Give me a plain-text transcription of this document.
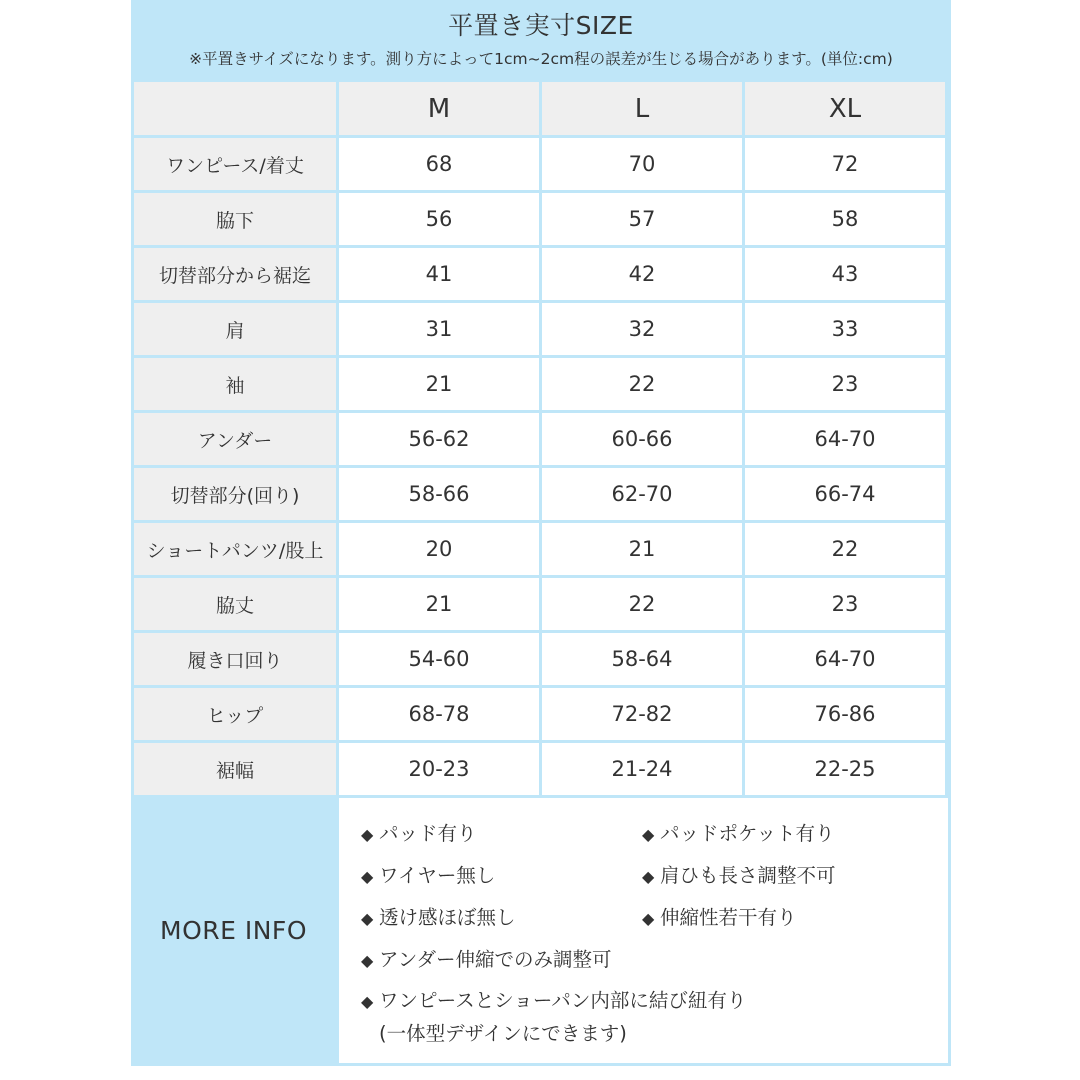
平置き実寸SIZE
※平置きサイズになります。測り方によって1cm~2cm程の誤差が生じる場合があります。(単位:cm)
	M	L	XL
ワンピース/着丈	68	70	72
脇下	56	57	58
切替部分から裾迄	41	42	43
肩	31	32	33
袖	21	22	23
アンダー	56-62	60-66	64-70
切替部分(回り)	58-66	62-70	66-74
ショートパンツ/股上	20	21	22
脇丈	21	22	23
履き口回り	54-60	58-64	64-70
ヒップ	68-78	72-82	76-86
裾幅	20-23	21-24	22-25
MORE INFO
◆ パッド有り	◆ パッドポケット有り
◆ ワイヤー無し	◆ 肩ひも長さ調整不可
◆ 透け感ほぼ無し	◆ 伸縮性若干有り
◆ アンダー伸縮でのみ調整可
◆ ワンピースとショーパン内部に結び紐有り
(一体型デザインにできます)
